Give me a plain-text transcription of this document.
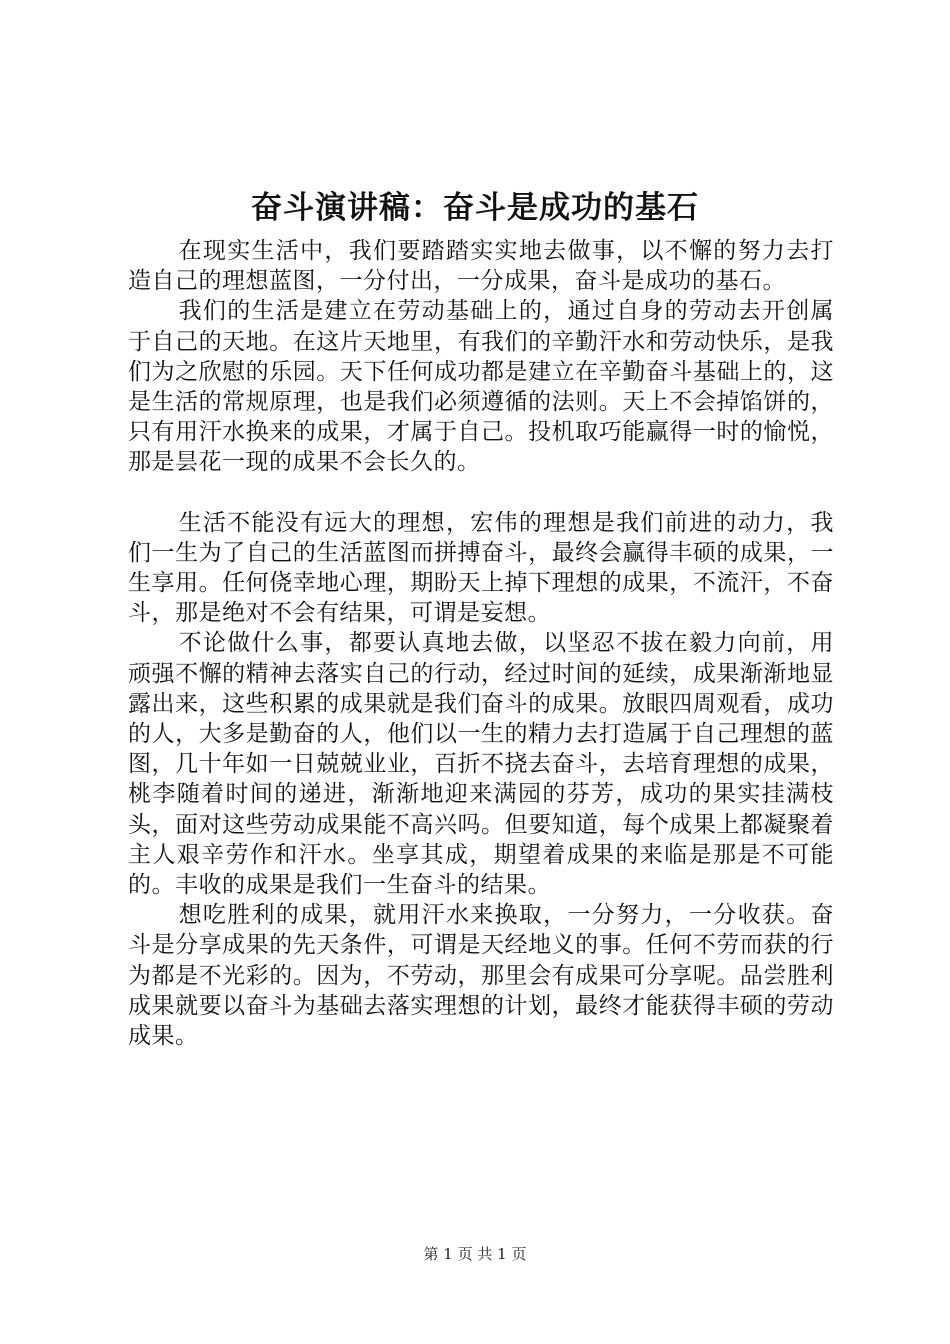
奋斗演讲稿：奋斗是成功的基石

在现实生活中，我们要踏踏实实地去做事，以不懈的努力去打造自己的理想蓝图，一分付出，一分成果，奋斗是成功的基石。

我们的生活是建立在劳动基础上的，通过自身的劳动去开创属于自己的天地。在这片天地里，有我们的辛勤汗水和劳动快乐，是我们为之欣慰的乐园。天下任何成功都是建立在辛勤奋斗基础上的，这是生活的常规原理，也是我们必须遵循的法则。天上不会掉馅饼的，只有用汗水换来的成果，才属于自己。投机取巧能赢得一时的愉悦，那是昙花一现的成果不会长久的。

生活不能没有远大的理想，宏伟的理想是我们前进的动力，我们一生为了自己的生活蓝图而拼搏奋斗，最终会赢得丰硕的成果，一生享用。任何侥幸地心理，期盼天上掉下理想的成果，不流汗，不奋斗，那是绝对不会有结果，可谓是妄想。

不论做什么事，都要认真地去做，以坚忍不拔在毅力向前，用顽强不懈的精神去落实自己的行动，经过时间的延续，成果渐渐地显露出来，这些积累的成果就是我们奋斗的成果。放眼四周观看，成功的人，大多是勤奋的人，他们以一生的精力去打造属于自己理想的蓝图，几十年如一日兢兢业业，百折不挠去奋斗，去培育理想的成果，桃李随着时间的递进，渐渐地迎来满园的芬芳，成功的果实挂满枝头，面对这些劳动成果能不高兴吗。但要知道，每个成果上都凝聚着主人艰辛劳作和汗水。坐享其成，期望着成果的来临是那是不可能的。丰收的成果是我们一生奋斗的结果。

想吃胜利的成果，就用汗水来换取，一分努力，一分收获。奋斗是分享成果的先天条件，可谓是天经地义的事。任何不劳而获的行为都是不光彩的。因为，不劳动，那里会有成果可分享呢。品尝胜利成果就要以奋斗为基础去落实理想的计划，最终才能获得丰硕的劳动成果。

第 1 页 共 1 页
